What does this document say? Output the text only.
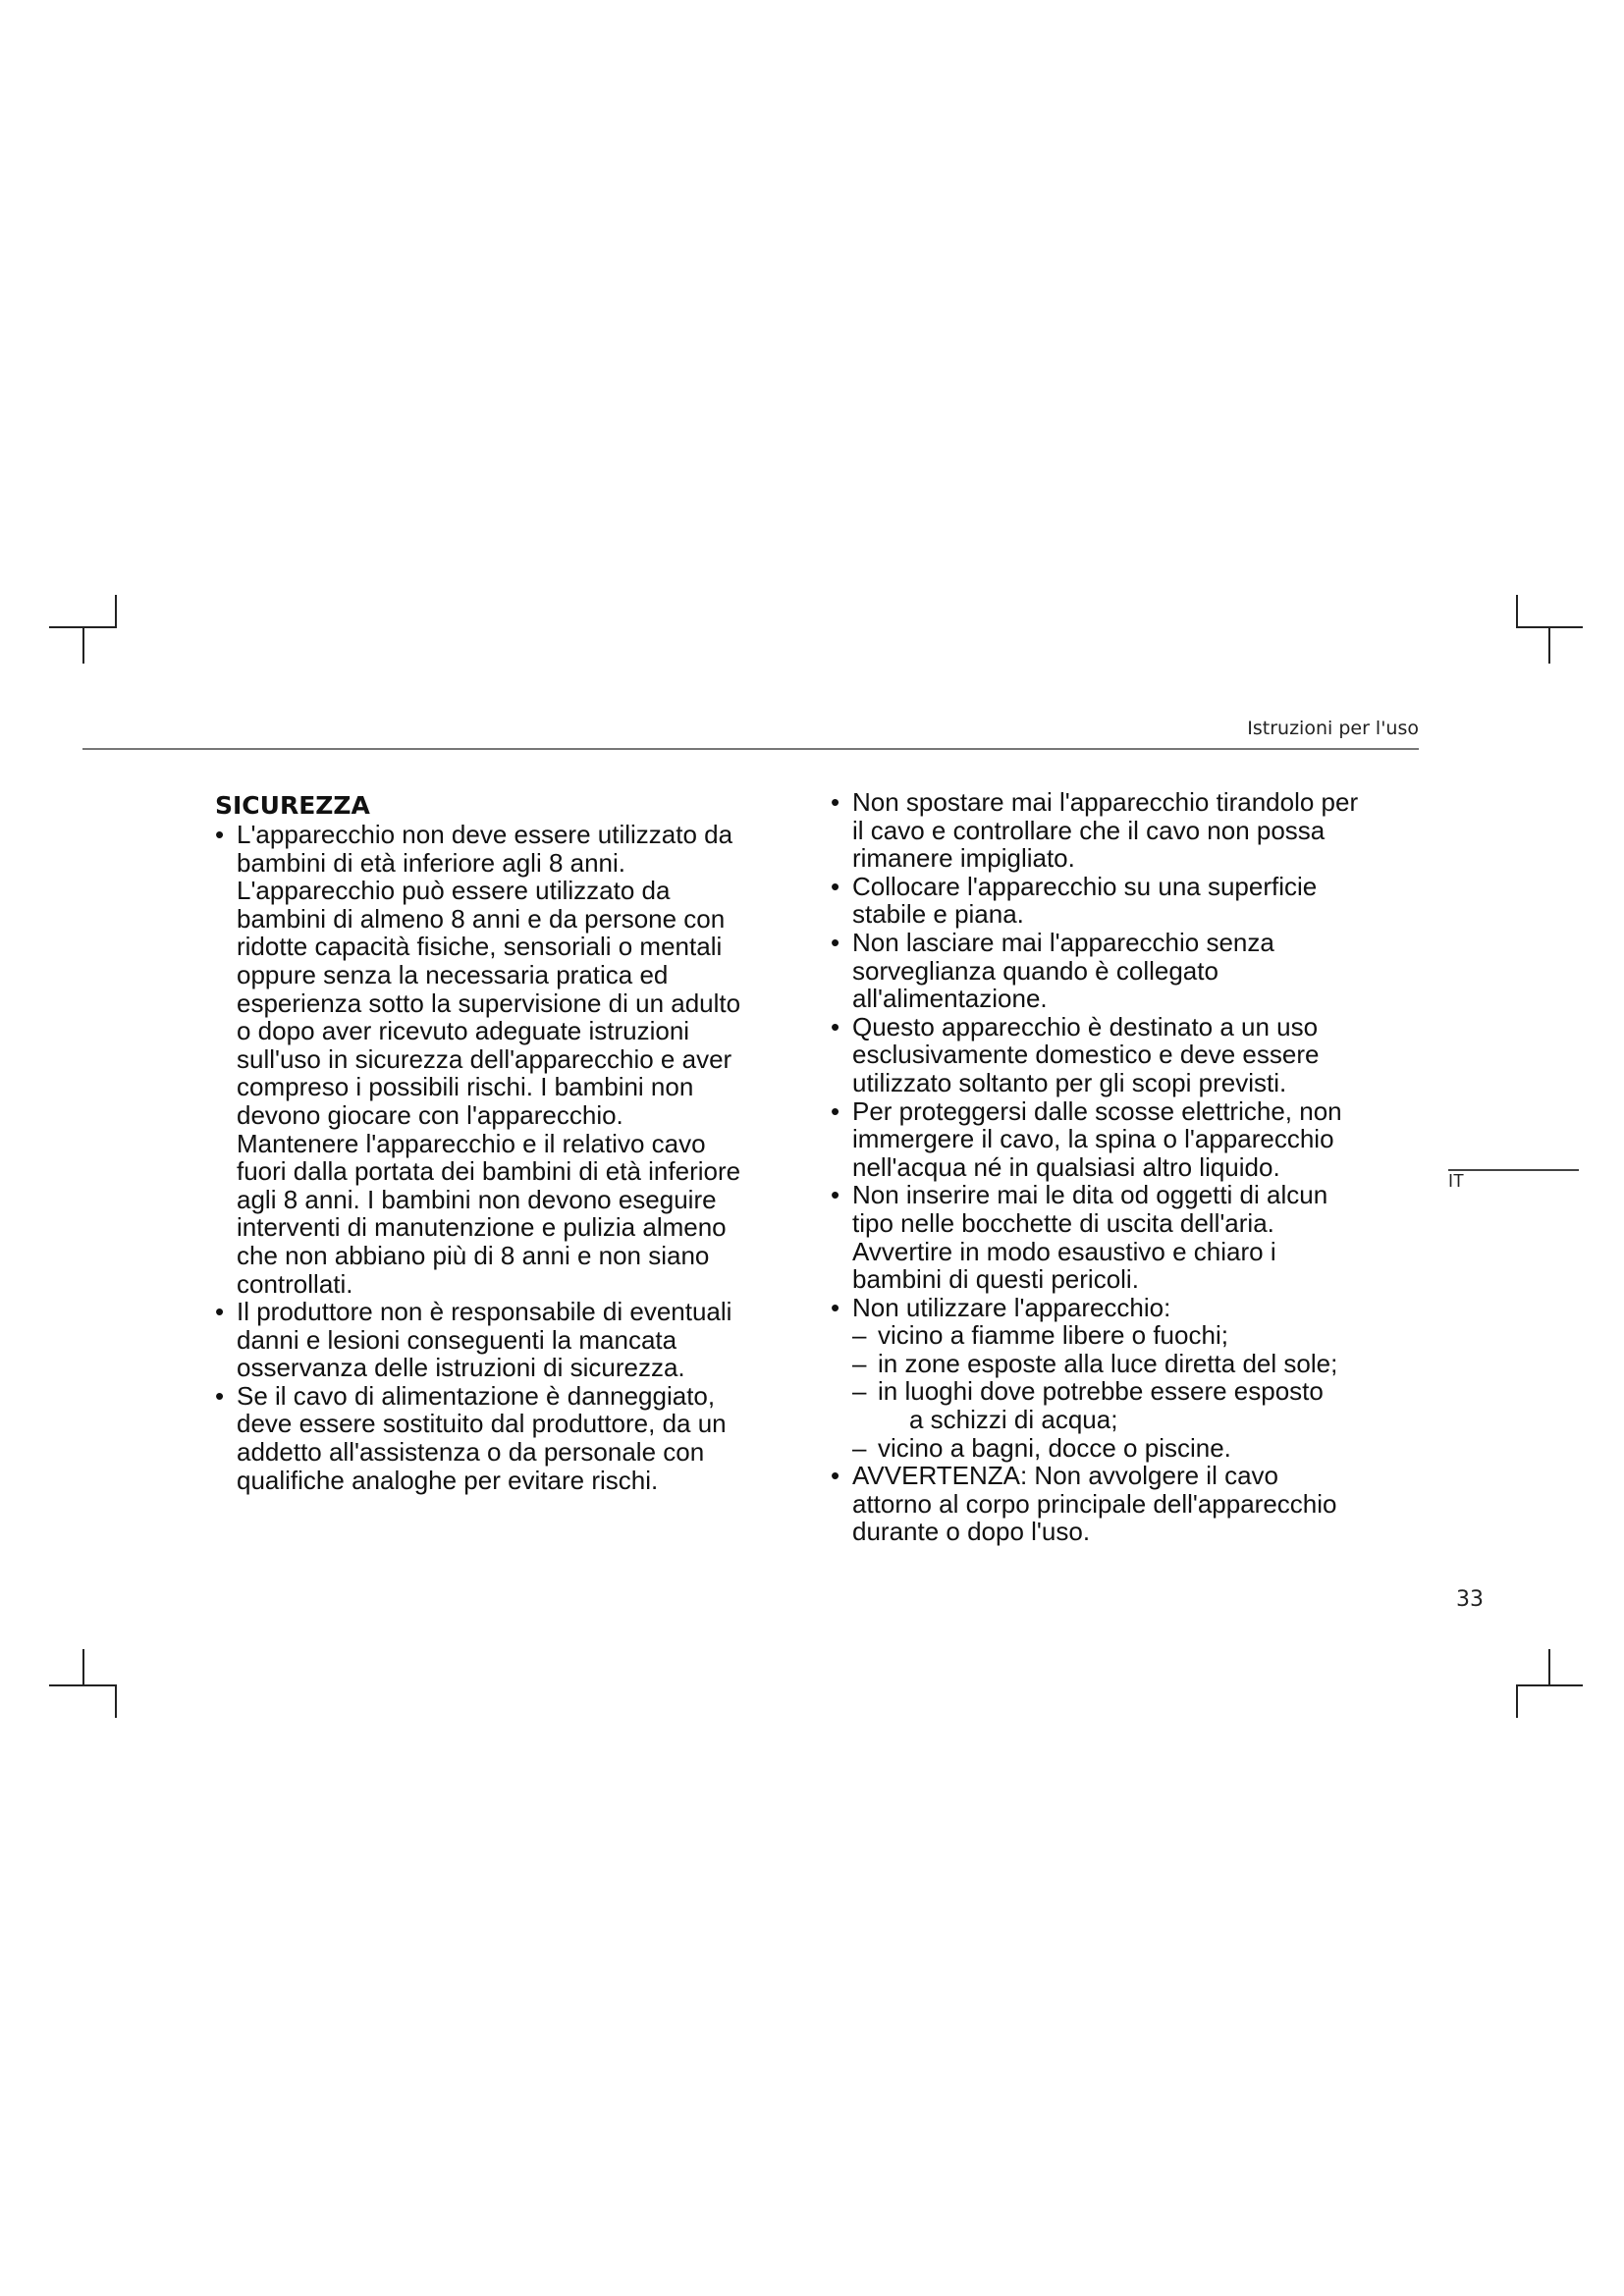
Istruzioni per l'uso
SICUREZZA
• L'apparecchio non deve essere utilizzato da

bambini di età inferiore agli 8 anni.

L'apparecchio può essere utilizzato da

bambini di almeno 8 anni e da persone con

ridotte capacità fisiche, sensoriali o mentali

oppure senza la necessaria pratica ed

esperienza sotto la supervisione di un adulto

o dopo aver ricevuto adeguate istruzioni

sull'uso in sicurezza dell'apparecchio e aver

compreso i possibili rischi. I bambini non

devono giocare con l'apparecchio.

Mantenere l'apparecchio e il relativo cavo

fuori dalla portata dei bambini di età inferiore

agli 8 anni. I bambini non devono eseguire

interventi di manutenzione e pulizia almeno

che non abbiano più di 8 anni e non siano

controllati.

• Il produttore non è responsabile di eventuali

danni e lesioni conseguenti la mancata

osservanza delle istruzioni di sicurezza.

• Se il cavo di alimentazione è danneggiato,

deve essere sostituito dal produttore, da un

addetto all'assistenza o da personale con

qualifiche analoghe per evitare rischi.

• Non spostare mai l'apparecchio tirandolo per

il cavo e controllare che il cavo non possa

rimanere impigliato.

• Collocare l'apparecchio su una superficie

stabile e piana.

• Non lasciare mai l'apparecchio senza

sorveglianza quando è collegato

all'alimentazione.

• Questo apparecchio è destinato a un uso

esclusivamente domestico e deve essere

utilizzato soltanto per gli scopi previsti.

• Per proteggersi dalle scosse elettriche, non

immergere il cavo, la spina o l'apparecchio

nell'acqua né in qualsiasi altro liquido.

• Non inserire mai le dita od oggetti di alcun

tipo nelle bocchette di uscita dell'aria.

Avvertire in modo esaustivo e chiaro i

bambini di questi pericoli.

• Non utilizzare l'apparecchio:

– vicino a fiamme libere o fuochi;

– in zone esposte alla luce diretta del sole;

– in luoghi dove potrebbe essere esposto

a schizzi di acqua;

– vicino a bagni, docce o piscine.

• AVVERTENZA: Non avvolgere il cavo

attorno al corpo principale dell'apparecchio

durante o dopo l'uso.

IT
33
